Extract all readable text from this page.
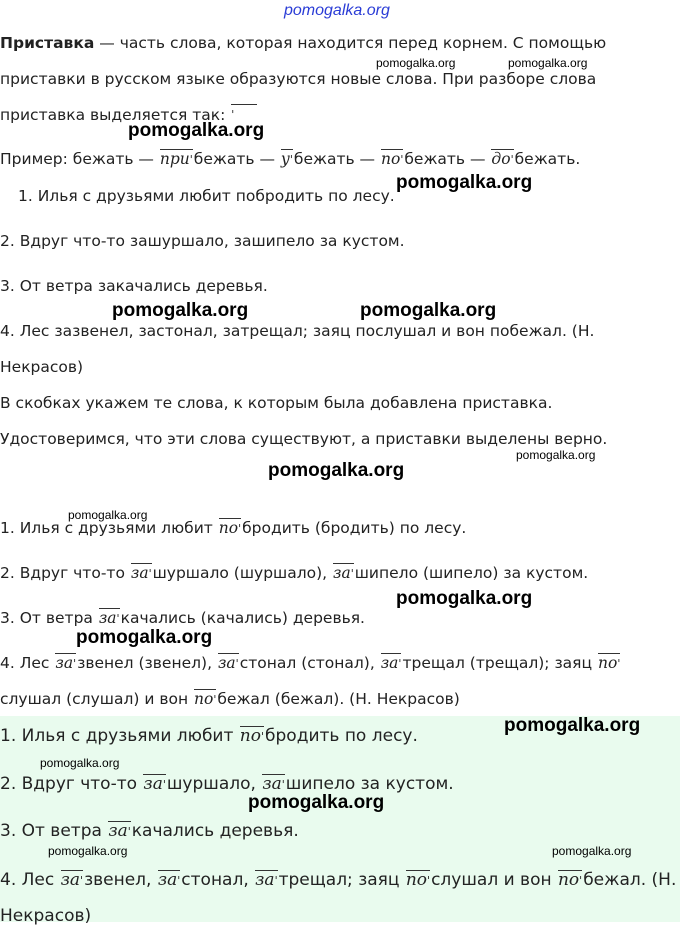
Приставка — часть слова, которая находится перед корнем. С помощью
приставки в русском языке образуются новые слова. При разборе слова
приставка выделяется так: '
Пример: бежать — при ' бежать — у ' бежать — по ' бежать — до ' бежать.
1. Илья с друзьями любит побродить по лесу.
2. Вдруг что-то зашуршало, зашипело за кустом.
3. От ветра закачались деревья.
4. Лес зазвенел, застонал, затрещал; заяц послушал и вон побежал. (Н.
Некрасов)
В скобках укажем те слова, к которым была добавлена приставка.
Удостоверимся, что эти слова существуют, а приставки выделены верно.
1. Илья с друзьями любит по ' бродить (бродить) по лесу.
2. Вдруг что-то за ' шуршало (шуршало), за ' шипело (шипело) за кустом.
3. От ветра за ' качались (качались) деревья.
4. Лес за ' звенел (звенел), за ' стонал (стонал), за ' трещал (трещал); заяц по '
слушал (слушал) и вон по ' бежал (бежал). (Н. Некрасов)
1. Илья с друзьями любит по ' бродить по лесу.
2. Вдруг что-то за ' шуршало, за ' шипело за кустом.
3. От ветра за ' качались деревья.
4. Лес за ' звенел, за ' стонал, за ' трещал; заяц по ' слушал и вон по ' бежал. (Н.
Некрасов)
pomogalka.org
pomogalka.org	pomogalka.org
pomogalka.org
pomogalka.org
pomogalka.org	pomogalka.org
pomogalka.org
pomogalka.org
pomogalka.org
pomogalka.org
pomogalka.org
pomogalka.org
pomogalka.org
pomogalka.org
pomogalka.org	pomogalka.org
